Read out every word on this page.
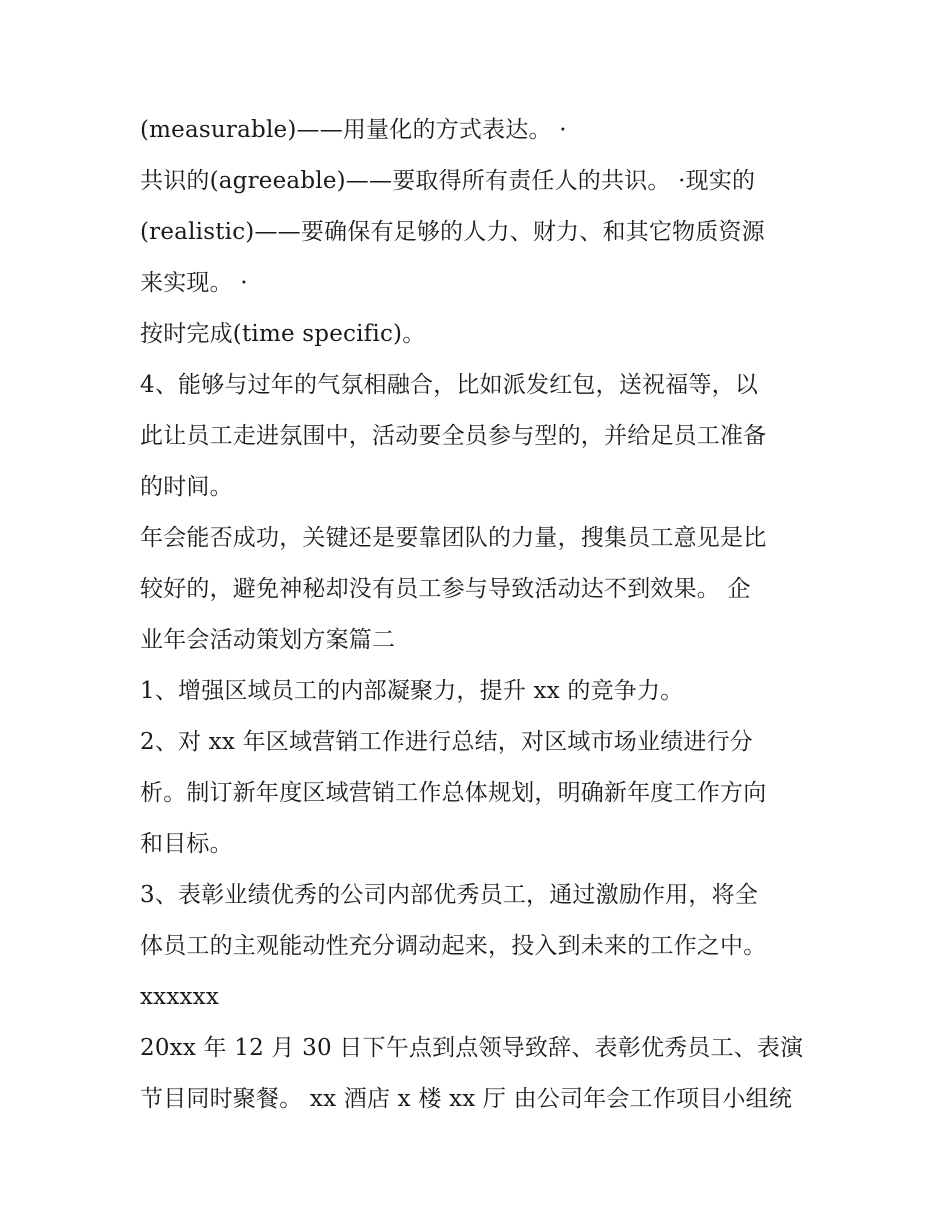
(measurable)——用量化的方式表达。 ·
共识的(agreeable)——要取得所有责任人的共识。 ·现实的
(realistic)——要确保有足够的人力、财力、和其它物质资源
来实现。 ·
按时完成(time specific)。
4、能够与过年的气氛相融合，比如派发红包，送祝福等，以
此让员工走进氛围中，活动要全员参与型的，并给足员工准备
的时间。
年会能否成功，关键还是要靠团队的力量，搜集员工意见是比
较好的，避免神秘却没有员工参与导致活动达不到效果。 企
业年会活动策划方案篇二
1、增强区域员工的内部凝聚力，提升 xx 的竞争力。
2、对 xx 年区域营销工作进行总结，对区域市场业绩进行分
析。制订新年度区域营销工作总体规划，明确新年度工作方向
和目标。
3、表彰业绩优秀的公司内部优秀员工，通过激励作用，将全
体员工的主观能动性充分调动起来，投入到未来的工作之中。
xxxxxx
20xx 年 12 月 30 日下午点到点领导致辞、表彰优秀员工、表演
节目同时聚餐。 xx 酒店 x 楼 xx 厅 由公司年会工作项目小组统
